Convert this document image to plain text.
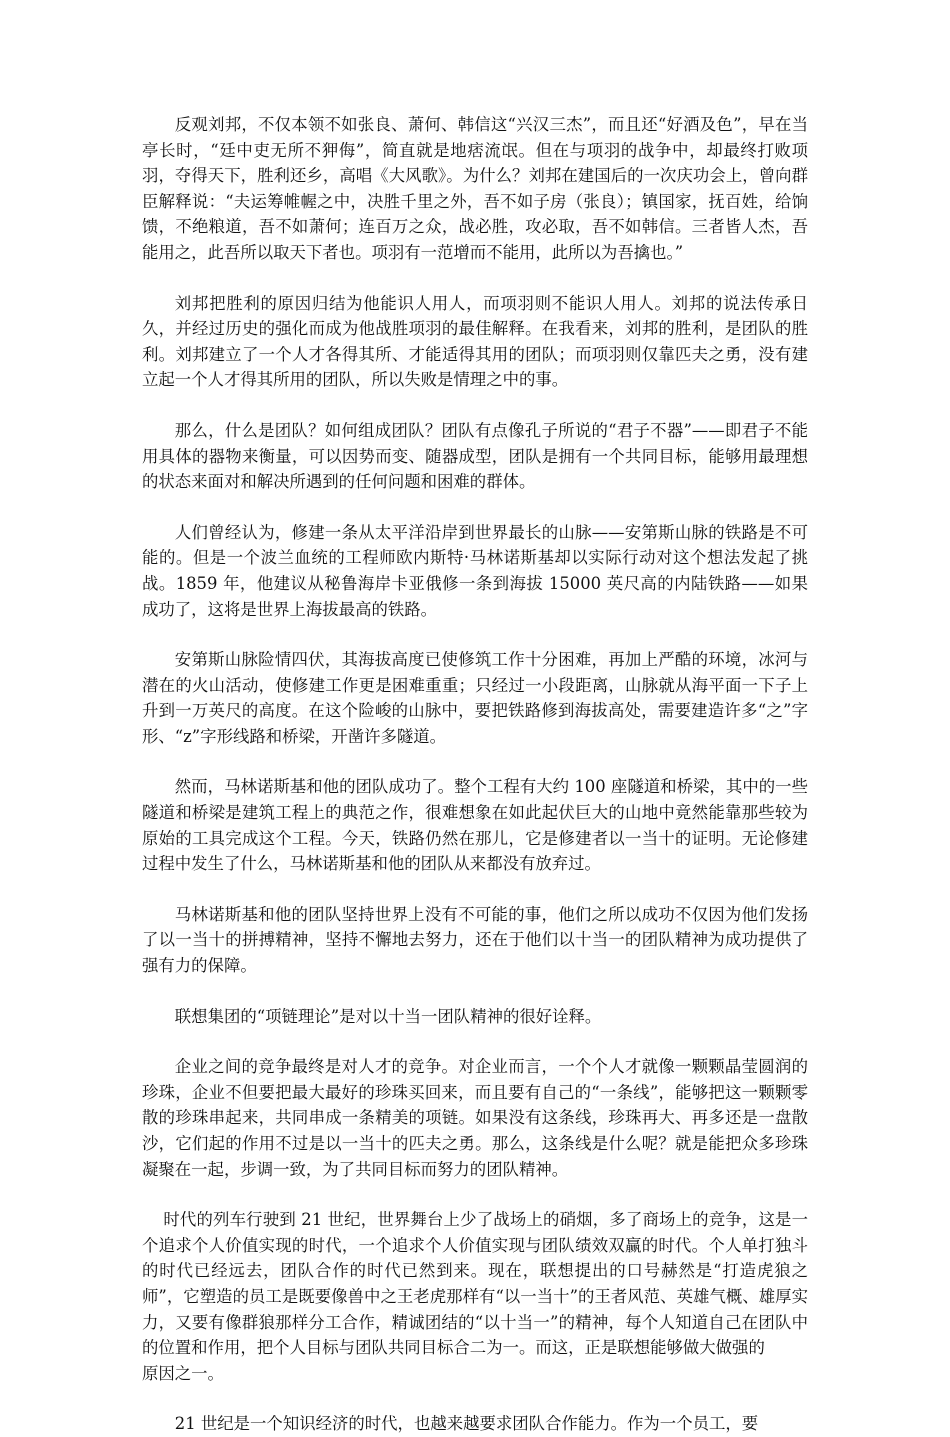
反观刘邦，不仅本领不如张良、萧何、韩信这“兴汉三杰”，而且还“好酒及色”，早在当亭长时，“廷中吏无所不狎侮”，简直就是地痞流氓。但在与项羽的战争中，却最终打败项羽，夺得天下，胜利还乡，高唱《大风歌》。为什么？刘邦在建国后的一次庆功会上，曾向群臣解释说：“夫运筹帷幄之中，决胜千里之外，吾不如子房（张良）；镇国家，抚百姓，给饷馈，不绝粮道，吾不如萧何；连百万之众，战必胜，攻必取，吾不如韩信。三者皆人杰，吾能用之，此吾所以取天下者也。项羽有一范增而不能用，此所以为吾擒也。”

刘邦把胜利的原因归结为他能识人用人，而项羽则不能识人用人。刘邦的说法传承日久，并经过历史的强化而成为他战胜项羽的最佳解释。在我看来，刘邦的胜利，是团队的胜利。刘邦建立了一个人才各得其所、才能适得其用的团队；而项羽则仅靠匹夫之勇，没有建立起一个人才得其所用的团队，所以失败是情理之中的事。

那么，什么是团队？如何组成团队？团队有点像孔子所说的“君子不器”——即君子不能用具体的器物来衡量，可以因势而变、随器成型，团队是拥有一个共同目标，能够用最理想的状态来面对和解决所遇到的任何问题和困难的群体。

人们曾经认为，修建一条从太平洋沿岸到世界最长的山脉——安第斯山脉的铁路是不可能的。但是一个波兰血统的工程师欧内斯特·马林诺斯基却以实际行动对这个想法发起了挑战。1859 年，他建议从秘鲁海岸卡亚俄修一条到海拔 15000 英尺高的内陆铁路——如果成功了，这将是世界上海拔最高的铁路。

安第斯山脉险情四伏，其海拔高度已使修筑工作十分困难，再加上严酷的环境，冰河与潜在的火山活动，使修建工作更是困难重重；只经过一小段距离，山脉就从海平面一下子上升到一万英尺的高度。在这个险峻的山脉中，要把铁路修到海拔高处，需要建造许多“之”字形、“z”字形线路和桥梁，开凿许多隧道。

然而，马林诺斯基和他的团队成功了。整个工程有大约 100 座隧道和桥梁，其中的一些隧道和桥梁是建筑工程上的典范之作，很难想象在如此起伏巨大的山地中竟然能靠那些较为原始的工具完成这个工程。今天，铁路仍然在那儿，它是修建者以一当十的证明。无论修建过程中发生了什么，马林诺斯基和他的团队从来都没有放弃过。

马林诺斯基和他的团队坚持世界上没有不可能的事，他们之所以成功不仅因为他们发扬了以一当十的拼搏精神，坚持不懈地去努力，还在于他们以十当一的团队精神为成功提供了强有力的保障。

联想集团的“项链理论”是对以十当一团队精神的很好诠释。

企业之间的竞争最终是对人才的竞争。对企业而言，一个个人才就像一颗颗晶莹圆润的珍珠，企业不但要把最大最好的珍珠买回来，而且要有自己的“一条线”，能够把这一颗颗零散的珍珠串起来，共同串成一条精美的项链。如果没有这条线，珍珠再大、再多还是一盘散沙，它们起的作用不过是以一当十的匹夫之勇。那么，这条线是什么呢？就是能把众多珍珠凝聚在一起，步调一致，为了共同目标而努力的团队精神。

时代的列车行驶到 21 世纪，世界舞台上少了战场上的硝烟，多了商场上的竞争，这是一个追求个人价值实现的时代，一个追求个人价值实现与团队绩效双赢的时代。个人单打独斗的时代已经远去，团队合作的时代已然到来。现在，联想提出的口号赫然是“打造虎狼之师”，它塑造的员工是既要像兽中之王老虎那样有“以一当十”的王者风范、英雄气概、雄厚实力，又要有像群狼那样分工合作，精诚团结的“以十当一”的精神，每个人知道自己在团队中的位置和作用，把个人目标与团队共同目标合二为一。而这，正是联想能够做大做强的
原因之一。

21 世纪是一个知识经济的时代，也越来越要求团队合作能力。作为一个员工，要
